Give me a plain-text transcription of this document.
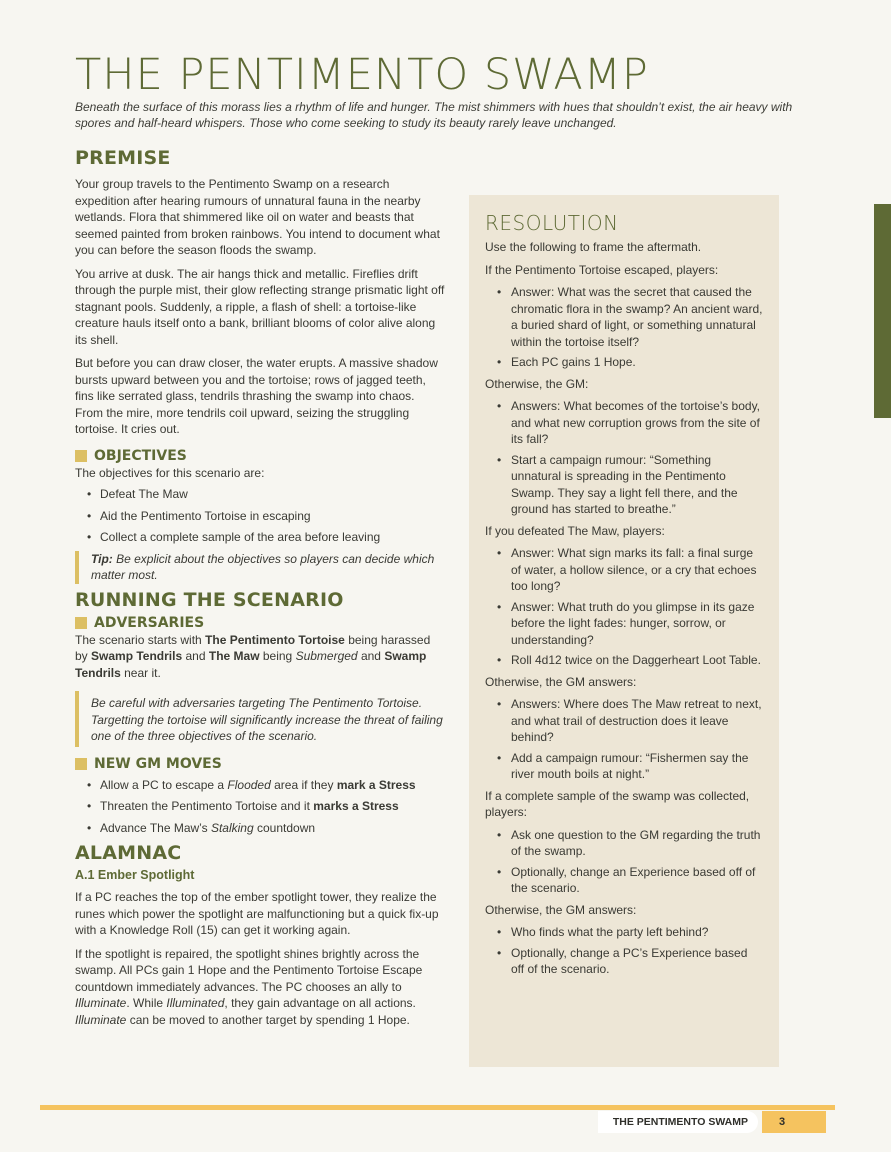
THE PENTIMENTO SWAMP
Beneath the surface of this morass lies a rhythm of life and hunger. The mist shimmers with hues that shouldn’t exist, the air heavy with spores and half-heard whispers. Those who come seeking to study its beauty rarely leave unchanged.
PREMISE

Your group travels to the Pentimento Swamp on a research expedition after hearing rumours of unnatural fauna in the nearby wetlands. Flora that shimmered like oil on water and beasts that seemed painted from broken rainbows. You intend to document what you can before the season floods the swamp.

You arrive at dusk. The air hangs thick and metallic. Fireflies drift through the purple mist, their glow reflecting strange prismatic light off stagnant pools. Suddenly, a ripple, a flash of shell: a tortoise-like creature hauls itself onto a bank, brilliant blooms of color alive along its shell.

But before you can draw closer, the water erupts. A massive shadow bursts upward between you and the tortoise; rows of jagged teeth, fins like serrated glass, tendrils thrashing the swamp into chaos. From the mire, more tendrils coil upward, seizing the struggling tortoise. It cries out.

OBJECTIVES

The objectives for this scenario are:

• Defeat The Maw
• Aid the Pentimento Tortoise in escaping
• Collect a complete sample of the area before leaving
Tip: Be explicit about the objectives so players can decide which matter most.
RUNNING THE SCENARIO
ADVERSARIES

The scenario starts with The Pentimento Tortoise being harassed by Swamp Tendrils and The Maw being Submerged and Swamp Tendrils near it.

Be careful with adversaries targeting The Pentimento Tortoise. Targetting the tortoise will significantly increase the threat of failing one of the three objectives of the scenario.
NEW GM MOVES
• Allow a PC to escape a Flooded area if they mark a Stress
• Threaten the Pentimento Tortoise and it marks a Stress
• Advance The Maw’s Stalking countdown
ALAMNAC
A.1 Ember Spotlight

If a PC reaches the top of the ember spotlight tower, they realize the runes which power the spotlight are malfunctioning but a quick fix-up with a Knowledge Roll (15) can get it working again.

If the spotlight is repaired, the spotlight shines brightly across the swamp. All PCs gain 1 Hope and the Pentimento Tortoise Escape countdown immediately advances. The PC chooses an ally to Illuminate. While Illuminated, they gain advantage on all actions. Illuminate can be moved to another target by spending 1 Hope.

RESOLUTION

Use the following to frame the aftermath.

If the Pentimento Tortoise escaped, players:

• Answer: What was the secret that caused the chromatic flora in the swamp? An ancient ward, a buried shard of light, or something unnatural within the tortoise itself?
• Each PC gains 1 Hope.

Otherwise, the GM:

• Answers: What becomes of the tortoise’s body, and what new corruption grows from the site of its fall?
• Start a campaign rumour: “Something unnatural is spreading in the Pentimento Swamp. They say a light fell there, and the ground has started to breathe.”

If you defeated The Maw, players:

• Answer: What sign marks its fall: a final surge of water, a hollow silence, or a cry that echoes too long?
• Answer: What truth do you glimpse in its gaze before the light fades: hunger, sorrow, or understanding?
• Roll 4d12 twice on the Daggerheart Loot Table.

Otherwise, the GM answers:

• Answers: Where does The Maw retreat to next, and what trail of destruction does it leave behind?
• Add a campaign rumour: “Fishermen say the river mouth boils at night.”

If a complete sample of the swamp was collected, players:

• Ask one question to the GM regarding the truth of the swamp.
• Optionally, change an Experience based off of the scenario.

Otherwise, the GM answers:

• Who finds what the party left behind?
• Optionally, change a PC’s Experience based off of the scenario.
THE PENTIMENTO SWAMP	3
